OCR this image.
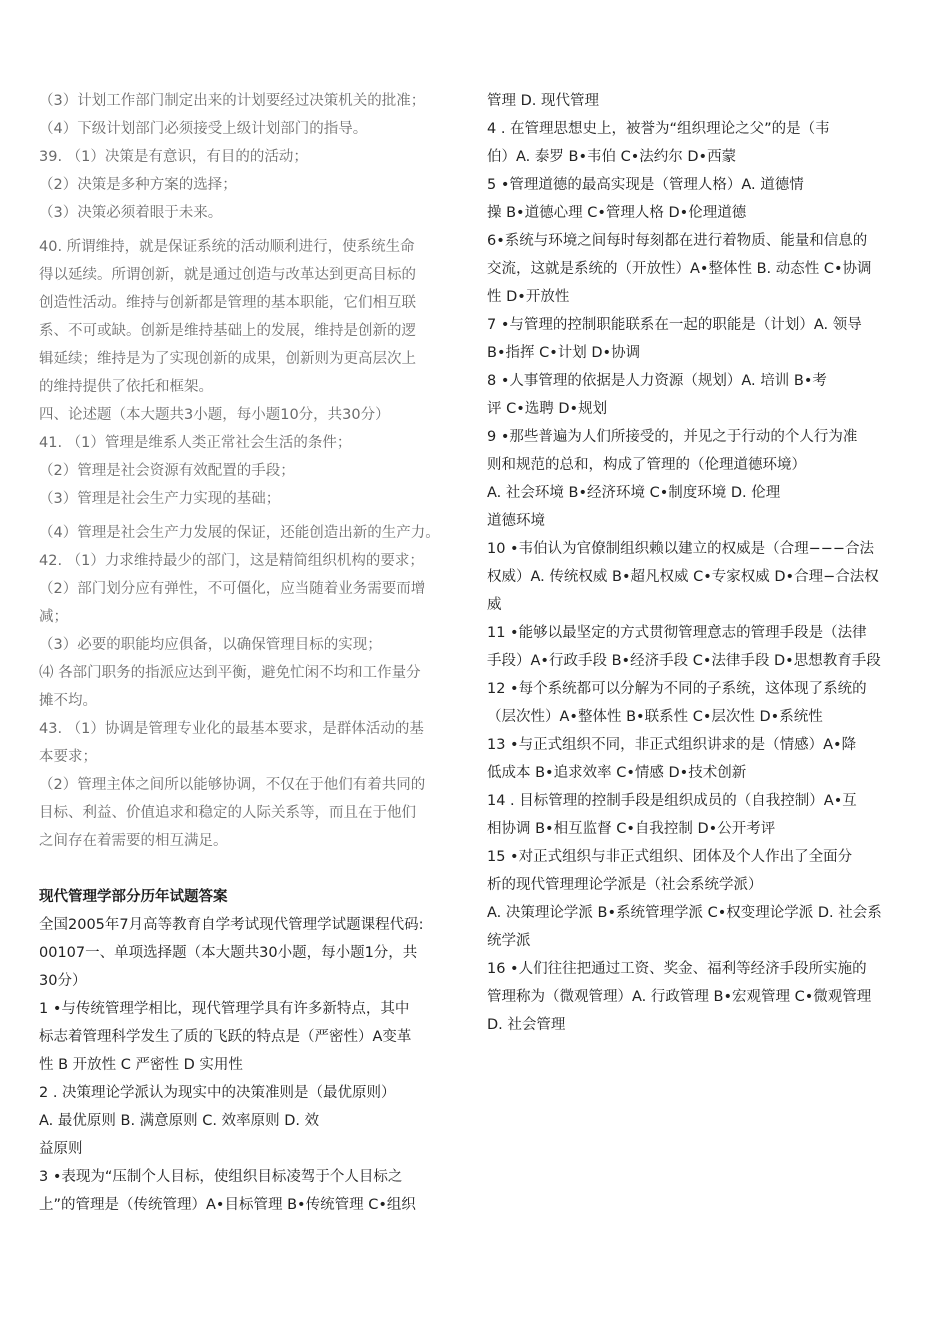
（3）计划工作部门制定出来的计划要经过决策机关的批准；
（4）下级计划部门必须接受上级计划部门的指导。
39. （1）决策是有意识，有目的的活动；
（2）决策是多种方案的选择；
（3）决策必须着眼于未来。
40. 所谓维持，就是保证系统的活动顺利进行，使系统生命
得以延续。所谓创新，就是通过创造与改革达到更高目标的
创造性活动。维持与创新都是管理的基本职能，它们相互联
系、不可或缺。创新是维持基础上的发展，维持是创新的逻
辑延续；维持是为了实现创新的成果，创新则为更高层次上
的维持提供了依托和框架。
四、论述题（本大题共3小题，每小题10分，共30分）
41. （1）管理是维系人类正常社会生活的条件；
（2）管理是社会资源有效配置的手段；
（3）管理是社会生产力实现的基础；
（4）管理是社会生产力发展的保证，还能创造出新的生产力。
42. （1）力求维持最少的部门，这是精简组织机构的要求；
（2）部门划分应有弹性，不可僵化，应当随着业务需要而增
减；
（3）必要的职能均应俱备，以确保管理目标的实现；
⑷ 各部门职务的指派应达到平衡，避免忙闲不均和工作量分
摊不均。
43. （1）协调是管理专业化的最基本要求，是群体活动的基
本要求；
（2）管理主体之间所以能够协调，不仅在于他们有着共同的
目标、利益、价值追求和稳定的人际关系等，而且在于他们
之间存在着需要的相互满足。
现代管理学部分历年试题答案
全国2005年7月高等教育自学考试现代管理学试题课程代码:
00107一、单项选择题（本大题共30小题，每小题1分，共
30分）
1 •与传统管理学相比，现代管理学具有许多新特点，其中
标志着管理科学发生了质的飞跃的特点是（严密性）A变革
性 B 开放性 C 严密性 D 实用性
2 . 决策理论学派认为现实中的决策准则是（最优原则）
A. 最优原则 B. 满意原则 C. 效率原则 D. 效
益原则
3 •表现为“压制个人目标，使组织目标凌驾于个人目标之
上”的管理是（传统管理）A•目标管理 B•传统管理 C•组织
管理 D. 现代管理
4 . 在管理思想史上，被誉为“组织理论之父”的是（韦
伯）A. 泰罗 B•韦伯 C•法约尔 D•西蒙
5 •管理道德的最高实现是（管理人格）A. 道德情
操 B•道德心理 C•管理人格 D•伦理道德
6•系统与环境之间每时每刻都在进行着物质、能量和信息的
交流，这就是系统的（开放性）A•整体性 B. 动态性 C•协调
性 D•开放性
7 •与管理的控制职能联系在一起的职能是（计划）A. 领导
B•指挥 C•计划 D•协调
8 •人事管理的依据是人力资源（规划）A. 培训 B•考
评 C•选聘 D•规划
9 •那些普遍为人们所接受的，并见之于行动的个人行为准
则和规范的总和，构成了管理的（伦理道德环境）
A. 社会环境 B•经济环境 C•制度环境 D. 伦理
道德环境
10 •韦伯认为官僚制组织赖以建立的权威是（合理−−−合法
权威）A. 传统权威 B•超凡权威 C•专家权威 D•合理−合法权
威
11 •能够以最坚定的方式贯彻管理意志的管理手段是（法律
手段）A•行政手段 B•经济手段 C•法律手段 D•思想教育手段
12 •每个系统都可以分解为不同的子系统，这体现了系统的
（层次性）A•整体性 B•联系性 C•层次性 D•系统性
13 •与正式组织不同，非正式组织讲求的是（情感）A•降
低成本 B•追求效率 C•情感 D•技术创新
14 . 目标管理的控制手段是组织成员的（自我控制）A•互
相协调 B•相互监督 C•自我控制 D•公开考评
15 •对正式组织与非正式组织、团体及个人作出了全面分
析的现代管理理论学派是（社会系统学派）
A. 决策理论学派 B•系统管理学派 C•权变理论学派 D. 社会系
统学派
16 •人们往往把通过工资、奖金、福利等经济手段所实施的
管理称为（微观管理）A. 行政管理 B•宏观管理 C•微观管理
D. 社会管理
